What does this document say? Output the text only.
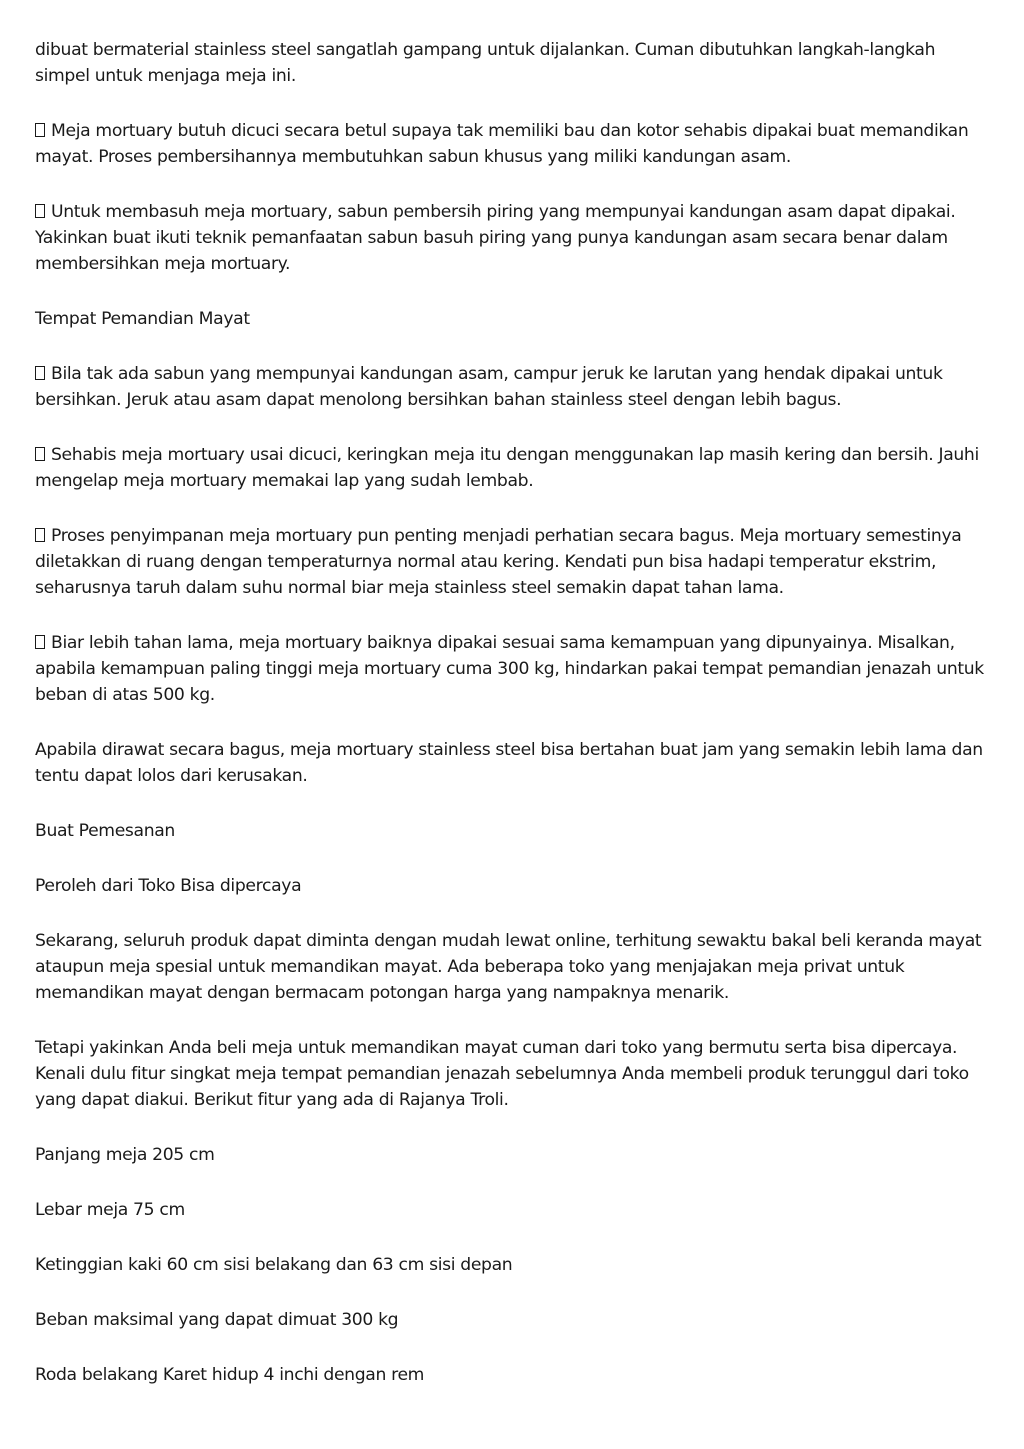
dibuat bermaterial stainless steel sangatlah gampang untuk dijalankan. Cuman dibutuhkan langkah-langkah simpel untuk menjaga meja ini.

Meja mortuary butuh dicuci secara betul supaya tak memiliki bau dan kotor sehabis dipakai buat memandikan mayat. Proses pembersihannya membutuhkan sabun khusus yang miliki kandungan asam.

Untuk membasuh meja mortuary, sabun pembersih piring yang mempunyai kandungan asam dapat dipakai. Yakinkan buat ikuti teknik pemanfaatan sabun basuh piring yang punya kandungan asam secara benar dalam membersihkan meja mortuary.

Tempat Pemandian Mayat

Bila tak ada sabun yang mempunyai kandungan asam, campur jeruk ke larutan yang hendak dipakai untuk bersihkan. Jeruk atau asam dapat menolong bersihkan bahan stainless steel dengan lebih bagus.

Sehabis meja mortuary usai dicuci, keringkan meja itu dengan menggunakan lap masih kering dan bersih. Jauhi mengelap meja mortuary memakai lap yang sudah lembab.

Proses penyimpanan meja mortuary pun penting menjadi perhatian secara bagus. Meja mortuary semestinya diletakkan di ruang dengan temperaturnya normal atau kering. Kendati pun bisa hadapi temperatur ekstrim, seharusnya taruh dalam suhu normal biar meja stainless steel semakin dapat tahan lama.

Biar lebih tahan lama, meja mortuary baiknya dipakai sesuai sama kemampuan yang dipunyainya. Misalkan, apabila kemampuan paling tinggi meja mortuary cuma 300 kg, hindarkan pakai tempat pemandian jenazah untuk beban di atas 500 kg.

Apabila dirawat secara bagus, meja mortuary stainless steel bisa bertahan buat jam yang semakin lebih lama dan tentu dapat lolos dari kerusakan.

Buat Pemesanan

Peroleh dari Toko Bisa dipercaya

Sekarang, seluruh produk dapat diminta dengan mudah lewat online, terhitung sewaktu bakal beli keranda mayat ataupun meja spesial untuk memandikan mayat. Ada beberapa toko yang menjajakan meja privat untuk memandikan mayat dengan bermacam potongan harga yang nampaknya menarik.

Tetapi yakinkan Anda beli meja untuk memandikan mayat cuman dari toko yang bermutu serta bisa dipercaya. Kenali dulu fitur singkat meja tempat pemandian jenazah sebelumnya Anda membeli produk terunggul dari toko yang dapat diakui. Berikut fitur yang ada di Rajanya Troli.

Panjang meja 205 cm

Lebar meja 75 cm

Ketinggian kaki 60 cm sisi belakang dan 63 cm sisi depan

Beban maksimal yang dapat dimuat 300 kg

Roda belakang Karet hidup 4 inchi dengan rem
